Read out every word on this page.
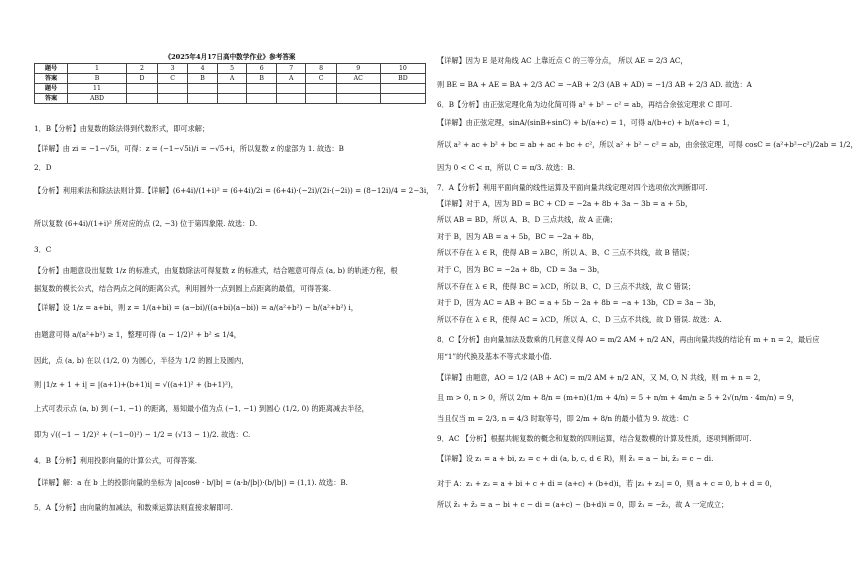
《2025年4月17日高中数学作业》参考答案
题号	1	2	3	4	5	6	7	8	9	10
答案	B	D	C	B	A	B	A	C	AC	BD
题号	11									
答案	ABD									
1．B【分析】由复数的除法得到代数形式，即可求解；
【详解】由 zi = −1−√5i，可得：z = (−1−√5i)/i = −√5+i，所以复数 z 的虚部为 1. 故选：B
2．D
【分析】利用乘法和除法法则计算.【详解】(6+4i)/(1+i)² = (6+4i)/2i = (6+4i)·(−2i)/(2i·(−2i)) = (8−12i)/4 = 2−3i，
所以复数 (6+4i)/(1+i)² 所对应的点 (2, −3) 位于第四象限. 故选：D.
3．C
【分析】由题意设出复数 1/z 的标准式，由复数除法可得复数 z 的标准式，结合题意可得点 (a, b) 的轨迹方程，根
据复数的模长公式，结合两点之间的距离公式，利用圆外一点到圆上点距离的最值，可得答案.
【详解】设 1/z = a+bi，则 z = 1/(a+bi) = (a−bi)/((a+bi)(a−bi)) = a/(a²+b²) − b/(a²+b²) i，
由题意可得 a/(a²+b²) ≥ 1，整理可得 (a − 1/2)² + b² ≤ 1/4，
因此，点 (a, b) 在以 (1/2, 0) 为圆心，半径为 1/2 的圆上及圆内，
则 |1/z + 1 + i| = |(a+1)+(b+1)i| = √((a+1)² + (b+1)²)，
上式可表示点 (a, b) 到 (−1, −1) 的距离，易知最小值为点 (−1, −1) 到圆心 (1/2, 0) 的距离减去半径，
即为 √((−1 − 1/2)² + (−1−0)²) − 1/2 = (√13 − 1)/2. 故选：C.
4．B【分析】利用投影向量的计算公式，可得答案.
【详解】解：a 在 b 上的投影向量的坐标为 |a|cosθ · b/|b| = (a·b/|b|)·(b/|b|) = (1,1). 故选：B.
5．A【分析】由向量的加减法，和数乘运算法则直接求解即可.
【详解】因为 E 是对角线 AC 上靠近点 C 的三等分点， 所以 AE = 2/3 AC，
则 BE = BA + AE = BA + 2/3 AC = −AB + 2/3 (AB + AD) = −1/3 AB + 2/3 AD. 故选：A
6．B【分析】由正弦定理化角为边化简可得 a² + b² − c² = ab，再结合余弦定理求 C 即可.
【详解】由正弦定理，sinA/(sinB+sinC) + b/(a+c) = 1，可得 a/(b+c) + b/(a+c) = 1，
所以 a² + ac + b² + bc = ab + ac + bc + c²，所以 a² + b² − c² = ab，由余弦定理，可得 cosC = (a²+b²−c²)/2ab = 1/2，
因为 0 < C < π，所以 C = π/3. 故选：B.
7．A【分析】利用平面向量的线性运算及平面向量共线定理对四个选项依次判断即可.
【详解】对于 A，因为 BD = BC + CD = −2a + 8b + 3a − 3b = a + 5b，
所以 AB = BD，所以 A、B、D 三点共线，故 A 正确；
对于 B，因为 AB = a + 5b，BC = −2a + 8b，
所以不存在 λ ∈ R，使得 AB = λBC，所以 A、B、C 三点不共线，故 B 错误；
对于 C，因为 BC = −2a + 8b，CD = 3a − 3b，
所以不存在 λ ∈ R，使得 BC = λCD，所以 B、C、D 三点不共线，故 C 错误；
对于 D，因为 AC = AB + BC = a + 5b − 2a + 8b = −a + 13b，CD = 3a − 3b，
所以不存在 λ ∈ R，使得 AC = λCD，所以 A、C、D 三点不共线，故 D 错误. 故选：A.
8．C【分析】由向量加法及数乘的几何意义得 AO = m/2 AM + n/2 AN，再由向量共线的结论有 m + n = 2，最后应
用“1”的代换及基本不等式求最小值.
【详解】由题意，AO = 1/2 (AB + AC) = m/2 AM + n/2 AN，又 M, O, N 共线，则 m + n = 2，
且 m > 0, n > 0，所以 2/m + 8/n = (m+n)(1/m + 4/n) = 5 + n/m + 4m/n ≥ 5 + 2√(n/m · 4m/n) = 9，
当且仅当 m = 2/3, n = 4/3 时取等号，即 2/m + 8/n 的最小值为 9. 故选：C
9．AC 【分析】根据共轭复数的概念和复数的四则运算，结合复数模的计算及性质，逐项判断即可.
【详解】设 z₁ = a + bi, z₂ = c + di (a, b, c, d ∈ R)，则 z̄₁ = a − bi, z̄₂ = c − di.
对于 A：z₁ + z₂ = a + bi + c + di = (a+c) + (b+d)i，若 |z₁ + z₂| = 0，则 a + c = 0, b + d = 0，
所以 z̄₁ + z̄₂ = a − bi + c − di = (a+c) − (b+d)i = 0，即 z̄₁ = −z̄₂，故 A 一定成立；
